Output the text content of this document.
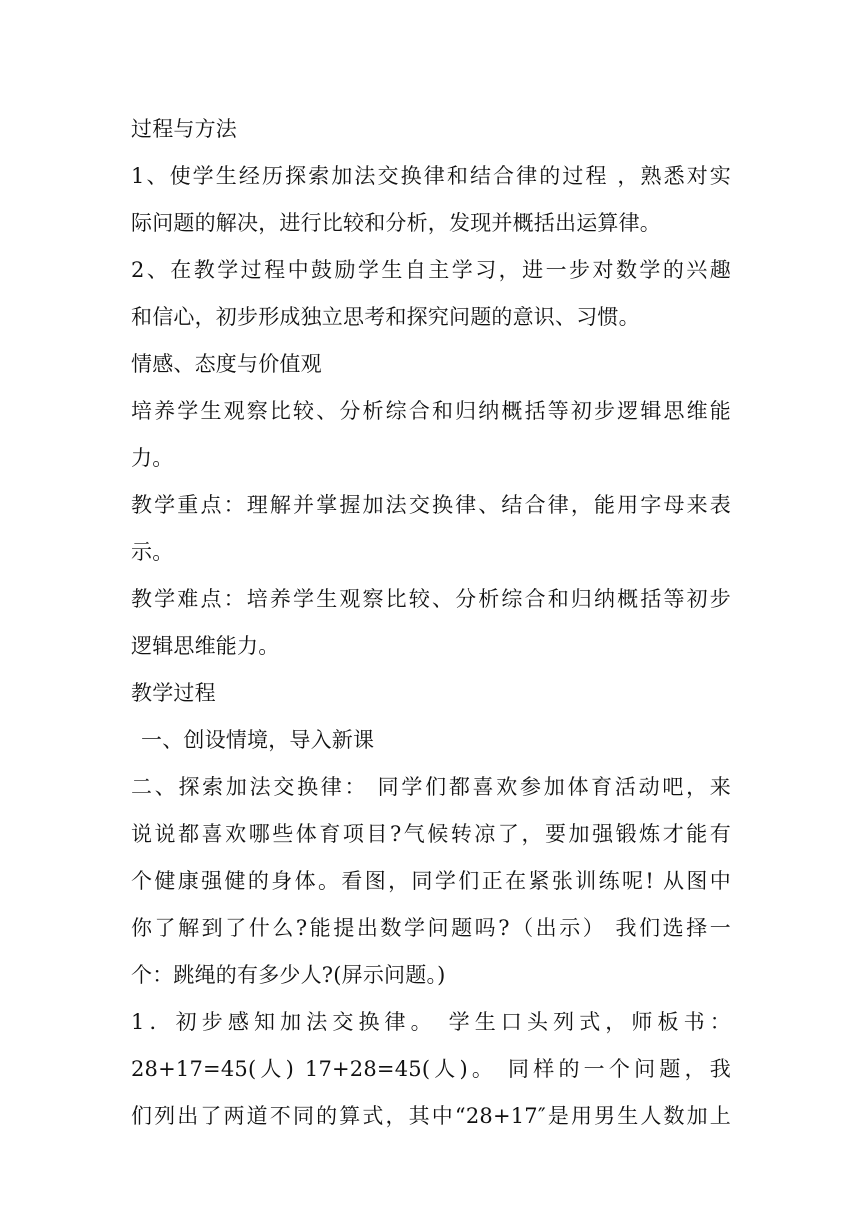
过程与方法
1、使学生经历探索加法交换律和结合律的过程 ，熟悉对实
际问题的解决，进行比较和分析，发现并概括出运算律。
2、在教学过程中鼓励学生自主学习，进一步对数学的兴趣
和信心，初步形成独立思考和探究问题的意识、习惯。
情感、态度与价值观
培养学生观察比较、分析综合和归纳概括等初步逻辑思维能
力。
教学重点：理解并掌握加法交换律、结合律，能用字母来表
示。
教学难点：培养学生观察比较、分析综合和归纳概括等初步
逻辑思维能力。
教学过程
一、创设情境，导入新课
二、探索加法交换律： 同学们都喜欢参加体育活动吧，来
说说都喜欢哪些体育项目?气候转凉了，要加强锻炼才能有
个健康强健的身体。看图，同学们正在紧张训练呢! 从图中
你了解到了什么?能提出数学问题吗?（出示） 我们选择一
个：跳绳的有多少人?(屏示问题。)
1．初步感知加法交换律。 学生口头列式，师板书：
28+17=45(人) 17+28=45(人)。 同样的一个问题，我
们列出了两道不同的算式，其中“28+17″是用男生人数加上
